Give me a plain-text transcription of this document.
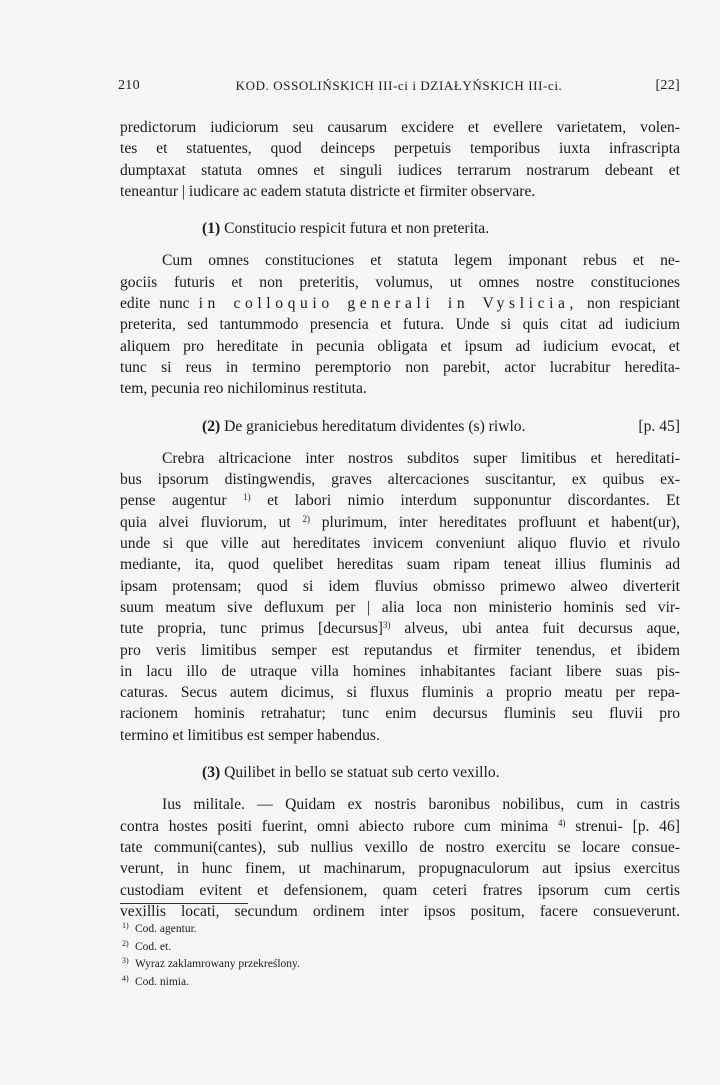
210	KOD. OSSOLIŃSKICH III-ci i DZIAŁYŃSKICH III-ci.	[22]
predictorum iudiciorum seu causarum excidere et evellere varietatem, volen-
tes et statuentes, quod deinceps perpetuis temporibus iuxta infrascripta
dumptaxat statuta omnes et singuli iudices terrarum nostrarum debeant et
teneantur | iudicare ac eadem statuta districte et firmiter observare.
(1) Constitucio respicit futura et non preterita.
Cum omnes constituciones et statuta legem imponant rebus et ne-
gociis futuris et non preteritis, volumus, ut omnes nostre constituciones
edite nunc in colloquio generali in Vyslicia, non respiciant
preterita, sed tantummodo presencia et futura. Unde si quis citat ad iudicium
aliquem pro hereditate in pecunia obligata et ipsum ad iudicium evocat, et
tunc si reus in termino peremptorio non parebit, actor lucrabitur heredita-
tem, pecunia reo nichilominus restituta.
(2) De graniciebus hereditatum dividentes (s) riwlo.	[p. 45]
Crebra altricacione inter nostros subditos super limitibus et hereditati-
bus ipsorum distingwendis, graves altercaciones suscitantur, ex quibus ex-
pense augentur $^{1)}$ et labori nimio interdum supponuntur discordantes. Et
quia alvei fluviorum, ut $^{2)}$ plurimum, inter hereditates profluunt et habent(ur),
unde si que ville aut hereditates invicem conveniunt aliquo fluvio et rivulo
mediante, ita, quod quelibet hereditas suam ripam teneat illius fluminis ad
ipsam protensam; quod si idem fluvius obmisso primewo alweo diverterit
suum meatum sive defluxum per | alia loca non ministerio hominis sed vir-
tute propria, tunc primus [decursus]$^{3)}$ alveus, ubi antea fuit decursus aque,
pro veris limitibus semper est reputandus et firmiter tenendus, et ibidem
in lacu illo de utraque villa homines inhabitantes faciant libere suas pis-
caturas. Secus autem dicimus, si fluxus fluminis a proprio meatu per repa-
racionem hominis retrahatur; tunc enim decursus fluminis seu fluvii pro
termino et limitibus est semper habendus.
(3) Quilibet in bello se statuat sub certo vexillo.
Ius militale. — Quidam ex nostris baronibus nobilibus, cum in castris
contra hostes positi fuerint, omni abiecto rubore cum minima $^{4)}$ strenui- [p. 46]
tate communi(cantes), sub nullius vexillo de nostro exercitu se locare consue-
verunt, in hunc finem, ut machinarum, propugnaculorum aut ipsius exercitus
custodiam evitent et defensionem, quam ceteri fratres ipsorum cum certis
vexillis locati, secundum ordinem inter ipsos positum, facere consueverunt.
$^{1)}$ Cod. agentur.
$^{2)}$ Cod. et.
$^{3)}$ Wyraz zaklamrowany przekreślony.
$^{4)}$ Cod. nimia.
